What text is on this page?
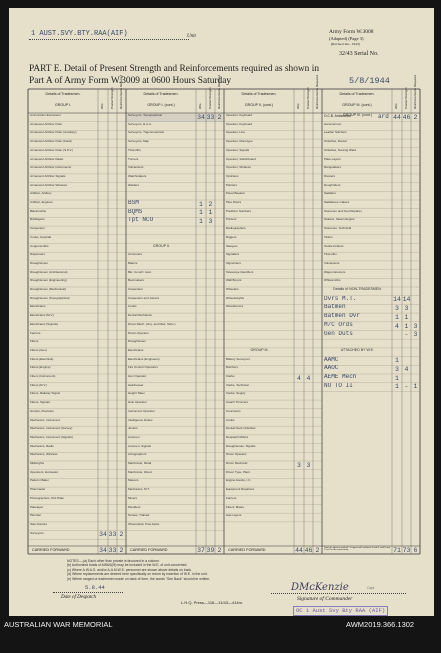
1 AUST.SVY.BTY.RAA(AIF)	Unit
Army Form W.3008
(Adapted) (Page 3)
(Revised Jan., 1943)
32/43 Serial No.
PART E. Detail of Present Strength and Reinforcements required as shown in
Part A of Army Form W.3009 at 0600 Hours Saturday	5/8/1944
Details of Tradesmen.
GROUP I.	W.E. Posted Strength Reinforcements Required
Ammunition Examiners
Armament Artificer Fitter
Armament Artificer Fitter (Auxiliary)
Armament Artificer Fitter (Field)
Armament Artificer Fitter (S.P.V.)
Armament Artificer Radio
Armament Artificer Instruments
Armament Artificer Signals
Armament Artificer Wireless
Artificer, Artillery
Artificer, Engines
Blacksmiths
Bricklayers
Carpenters
Cooks, Hospital
Coppersmiths
Dispensers
Draughtsmen
Draughtsmen (Architectural)
Draughtsmen (Engineering)
Draughtsmen (Mechanical)
Draughtsmen (Topographical)
Electricians
Electricians (M.V.)
Electricians (Signals)
Farriers
Fitters
Fitters (Gun)
Fitters (Electrical)
Fitters (Engine)
Fitters (Instrument)
Fitters (M.V.)
Fitters, Railway Signal
Fitters, Signals
Grinder, Precision
Mechanics, Instrument
Mechanics, Instrument (Survey)
Mechanics, Instrument (Signals)
Mechanics, Radio
Mechanics, Wireless
Millwrights
Operators, Excavator
Pattern Maker
Pharmacist
Photographers, Pict Plate
Platelayer
Plumber
Saw Doctors
Surveyors	34 33 2
Details of Tradesmen.
GROUP I. (cont.)	W.E. Posted Strength Reinforcements Required
Surveyors, Topographical	34 33 2
Surveyors, R.A.A.
Surveyors, Trigonometrical
Surveyors, Map
Tinsmiths
Turners
Vulcanisers
Watchmakers
Welders
BSM	1 2
BQMS	1 1
Tpt NCO	1 3
GROUP II.
Armourers
Bakers
Bkr. Comd'r. Asst.
Bootmakers
Carpenters
Carpenters and Joiners
Cooks
Dental Mechanics
Driver-Mech. (Hvy. and Med. Vehs.)
Driver-Operator
Draughtsmen
Electricians
Electricians (Engineers)
Fire Control Operators
Gun Operator
Hairdresser
Height Taker
Hole Operator
Instrument Operator
Intelligence Duties
Joiners
Linemen
Linemen, Signals
Lithographers
Machinists, Metal
Machinists, Wood
Masons
Mechanics, M.T.
Miners
Moulders
Nurses, Trained
Observation Post Assts.
Details of Tradesmen.
GROUP II. (cont.)	W.E. Posted Strength Reinforcements Required
Operator, Keyboard
Operator, Keyboard
Operator, Line
Operator, Monotype
Operator, Signals
Operator, Switchboard
Operator, Wireless
Opticians
Painters
Panel Beaters
Pipe Fitters
Predictor Numbers
Printers
Radiographers
Riggers
Sawyers
Signallers
Signwriters
Telescope Identifiers
Wall Borers
Wheelers
Wheelwrights
Woodturners
GROUP III.
Battery Surveyors
Butchers
Clerks	4 4
Clerks, Technical
Clerks, Supply
Coach Trimmers
Concretors
Cooks
Dental Clerk Orderlies
Despatch Riders
Draughtsman, Signals
Driver Operator
Driver Mechanic	3 3
Driver Type, Plant
Engine Hands, I.C.
Equipment Repairers
Farriers
Fitters' Mates
Gas Layers
Details of Tradesmen.
GROUP III. (cont.)	W.E. Posted Strength Reinforcements Required
GROUP III. (cont.)
Hammermen
Leather Stitchers
Orderlies, Dental
Orderlies, Nursing Ward
Plate Layers
Rangetakers
Riveters
Roughriders
Saddlers
Saddletree makers
Storemen and Fuel Repairer
Stokers, Steam Engine
Storemen, Technical
Tailors
Textile Knitters
Tinsmiths
Vulcanisers
Wagon Erectors
Whitesmiths
Details of NON-TRADESMEN.
Dvrs M.T.	14 14
Batmen	3 3
Batmen Dvr	1 1
M/C Ords	4 1 3
Gen Duts	- 3
ATTACHED BY W.E.
AAMC	1
AAOC	3 4
AEME Mech	1
NO TO II	1 - 1
ard
O.C.B. Ambulance	44 46 2
CARRIED FORWARD	34 33 2	CARRIED FORWARD	37 39 2	CARRIED FORWARD	44 46 2	Total of columns marked * to agree with columns 4 and 5, and 6 and 12 of Part A, respectively.	71 73 6
NOTES.—(a) Each other than private is favoured in a column.
(b) Authorised totals of AWAS(M) may be included in the W.E. of unit concerned.
(c) Where A.W.A.S. and/or A.A.M.W.S. personnel are shown above details on back.
(d) Where replacements are desired here specifically on return by insertion of W.E. in the unit.
(e) Where ranged or tradesmen made on back of form, the words "See Back" should be written.
5.8.44
Date of Despatch
DMcKenzie	Capt
Signature of Commander
OC 1 Aust Svy Bty RAA (AIF)
L.H.Q. Press—116—11/43—414m.
AUSTRALIAN WAR MEMORIAL	AWM2019.366.1302
